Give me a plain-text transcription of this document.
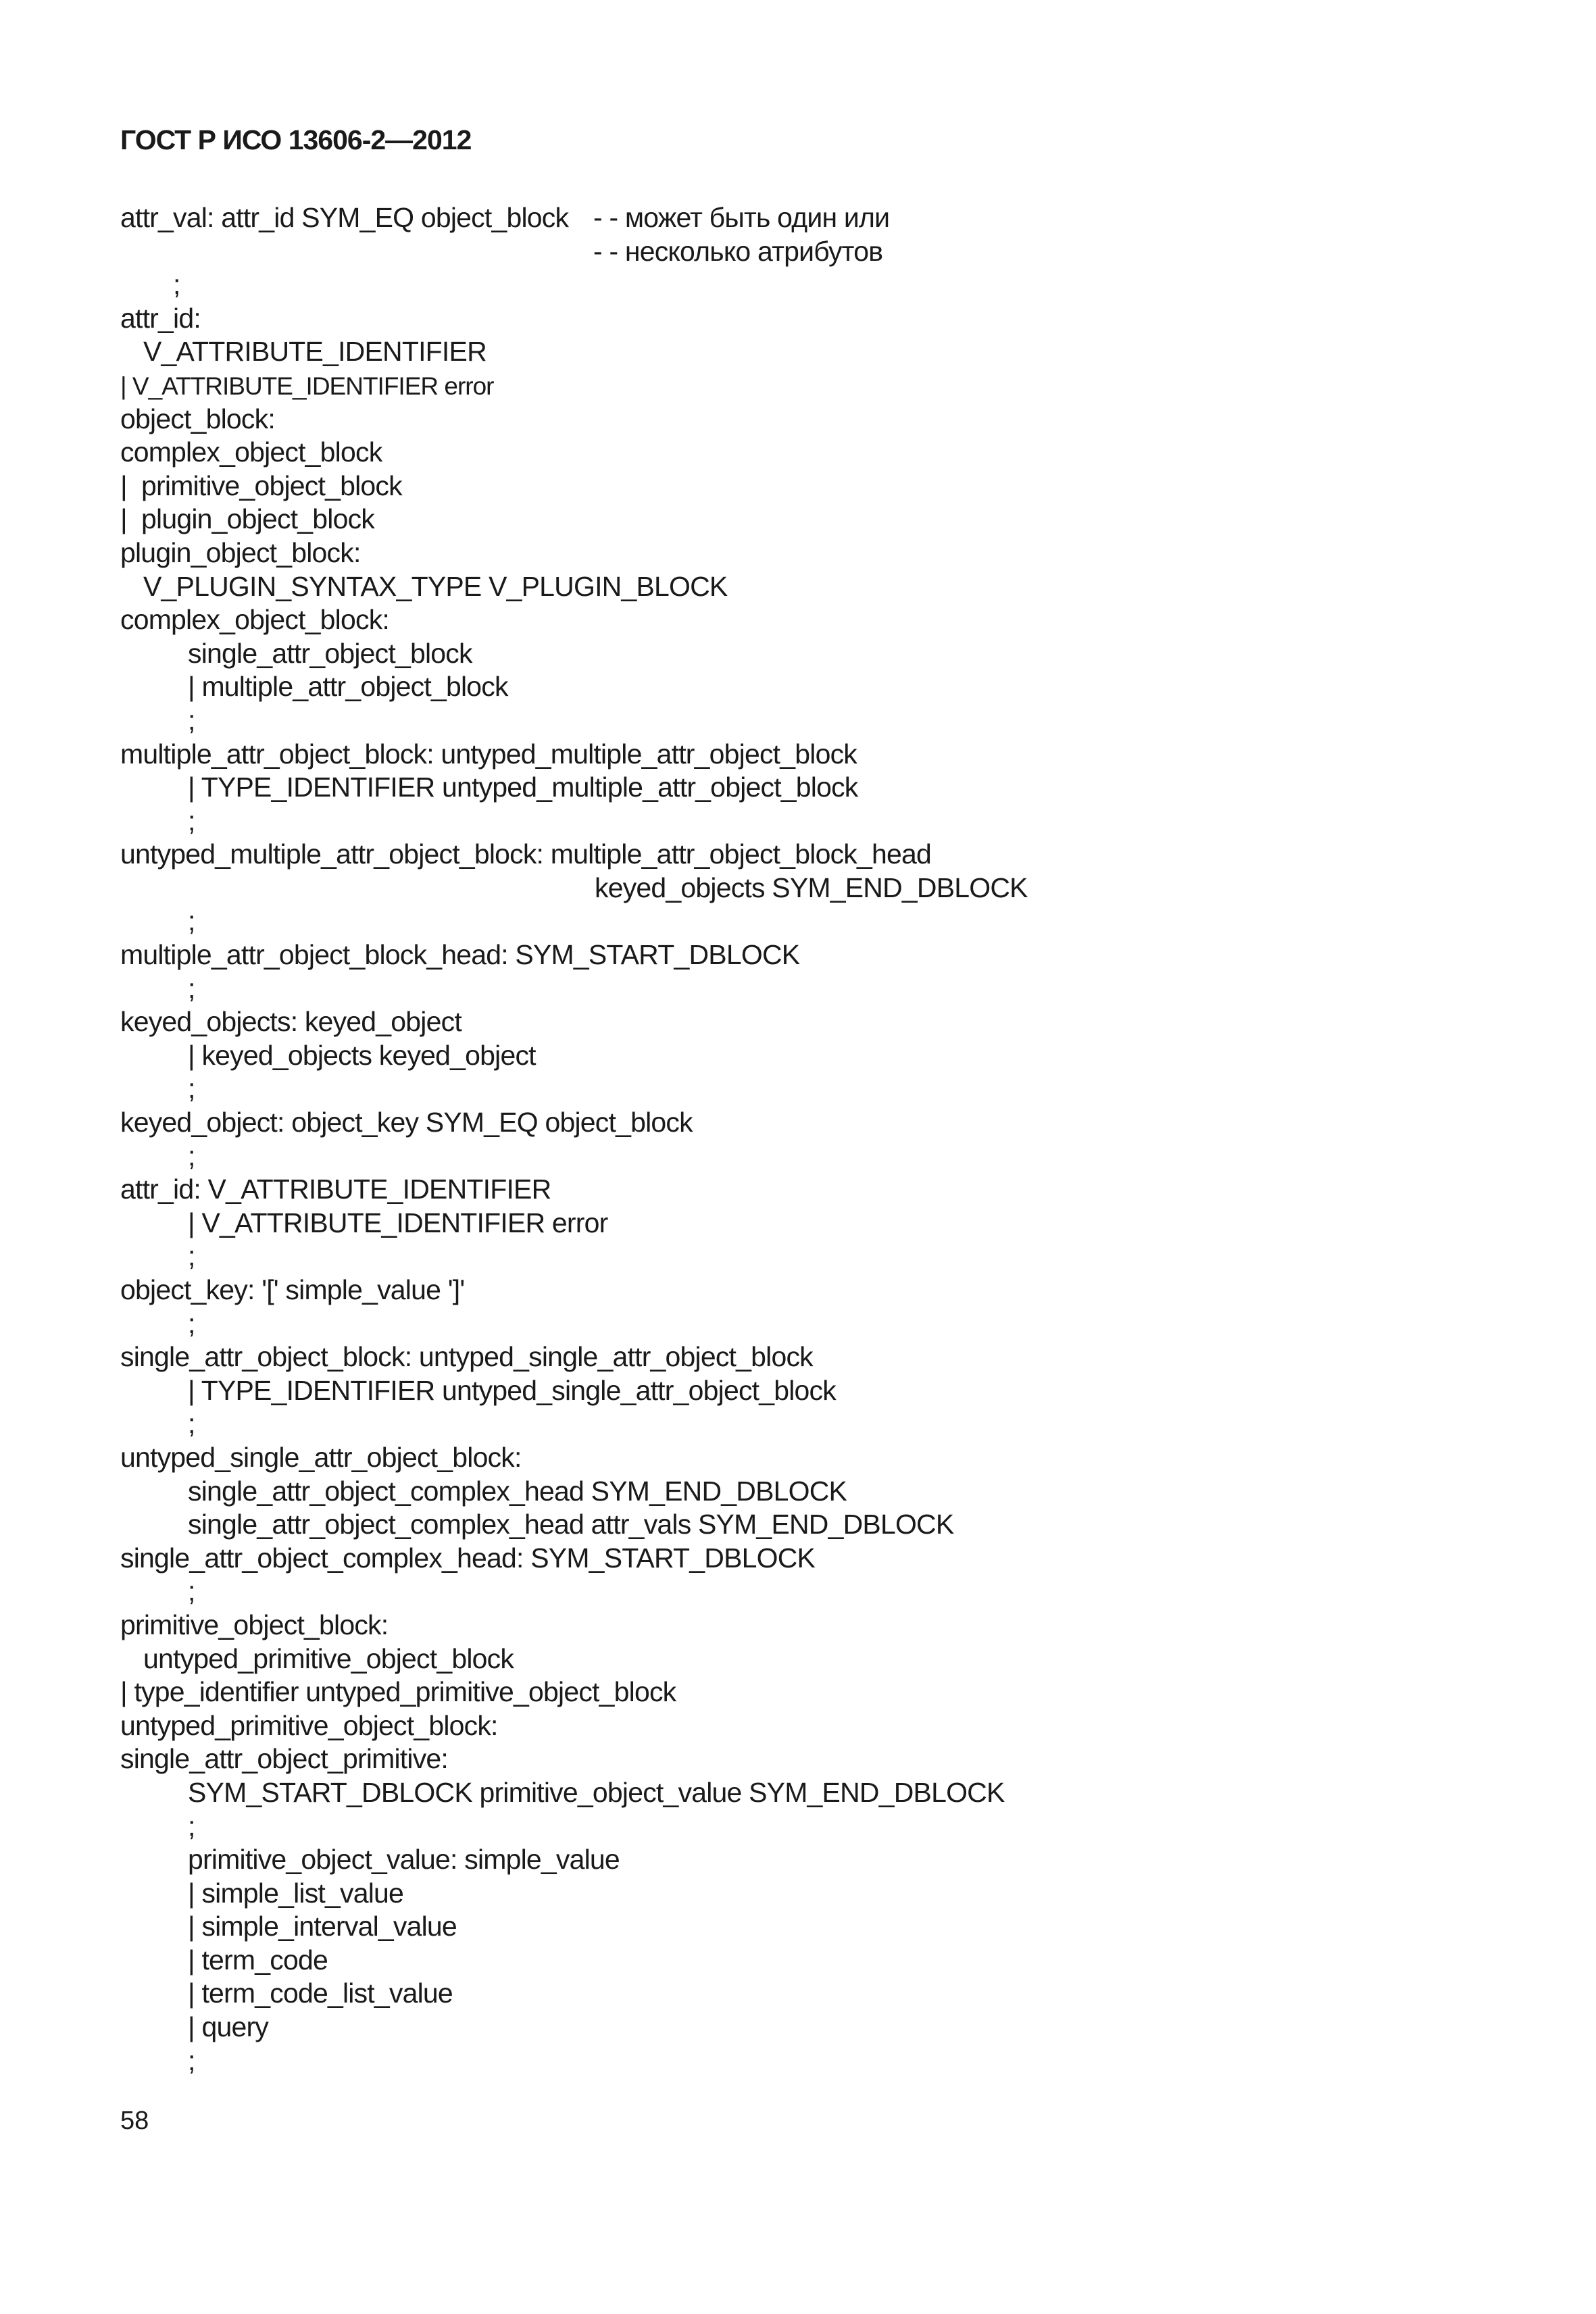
ГОСТ Р ИСО 13606-2—2012
attr_val: attr_id SYM_EQ object_block - - может быть один или
- - несколько атрибутов
;
attr_id:
V_ATTRIBUTE_IDENTIFIER
| V_ATTRIBUTE_IDENTIFIER error
object_block:
complex_object_block
|  primitive_object_block
|  plugin_object_block
plugin_object_block:
V_PLUGIN_SYNTAX_TYPE V_PLUGIN_BLOCK
complex_object_block:
single_attr_object_block
| multiple_attr_object_block
;
multiple_attr_object_block: untyped_multiple_attr_object_block
| TYPE_IDENTIFIER untyped_multiple_attr_object_block
;
untyped_multiple_attr_object_block: multiple_attr_object_block_head
keyed_objects SYM_END_DBLOCK
;
multiple_attr_object_block_head: SYM_START_DBLOCK
;
keyed_objects: keyed_object
| keyed_objects keyed_object
;
keyed_object: object_key SYM_EQ object_block
;
attr_id: V_ATTRIBUTE_IDENTIFIER
| V_ATTRIBUTE_IDENTIFIER error
;
object_key: '[' simple_value ']'
;
single_attr_object_block: untyped_single_attr_object_block
| TYPE_IDENTIFIER untyped_single_attr_object_block
;
untyped_single_attr_object_block:
single_attr_object_complex_head SYM_END_DBLOCK
single_attr_object_complex_head attr_vals SYM_END_DBLOCK
single_attr_object_complex_head: SYM_START_DBLOCK
;
primitive_object_block:
untyped_primitive_object_block
| type_identifier untyped_primitive_object_block
untyped_primitive_object_block:
single_attr_object_primitive:
SYM_START_DBLOCK primitive_object_value SYM_END_DBLOCK
;
primitive_object_value: simple_value
| simple_list_value
| simple_interval_value
| term_code
| term_code_list_value
| query
;
58
